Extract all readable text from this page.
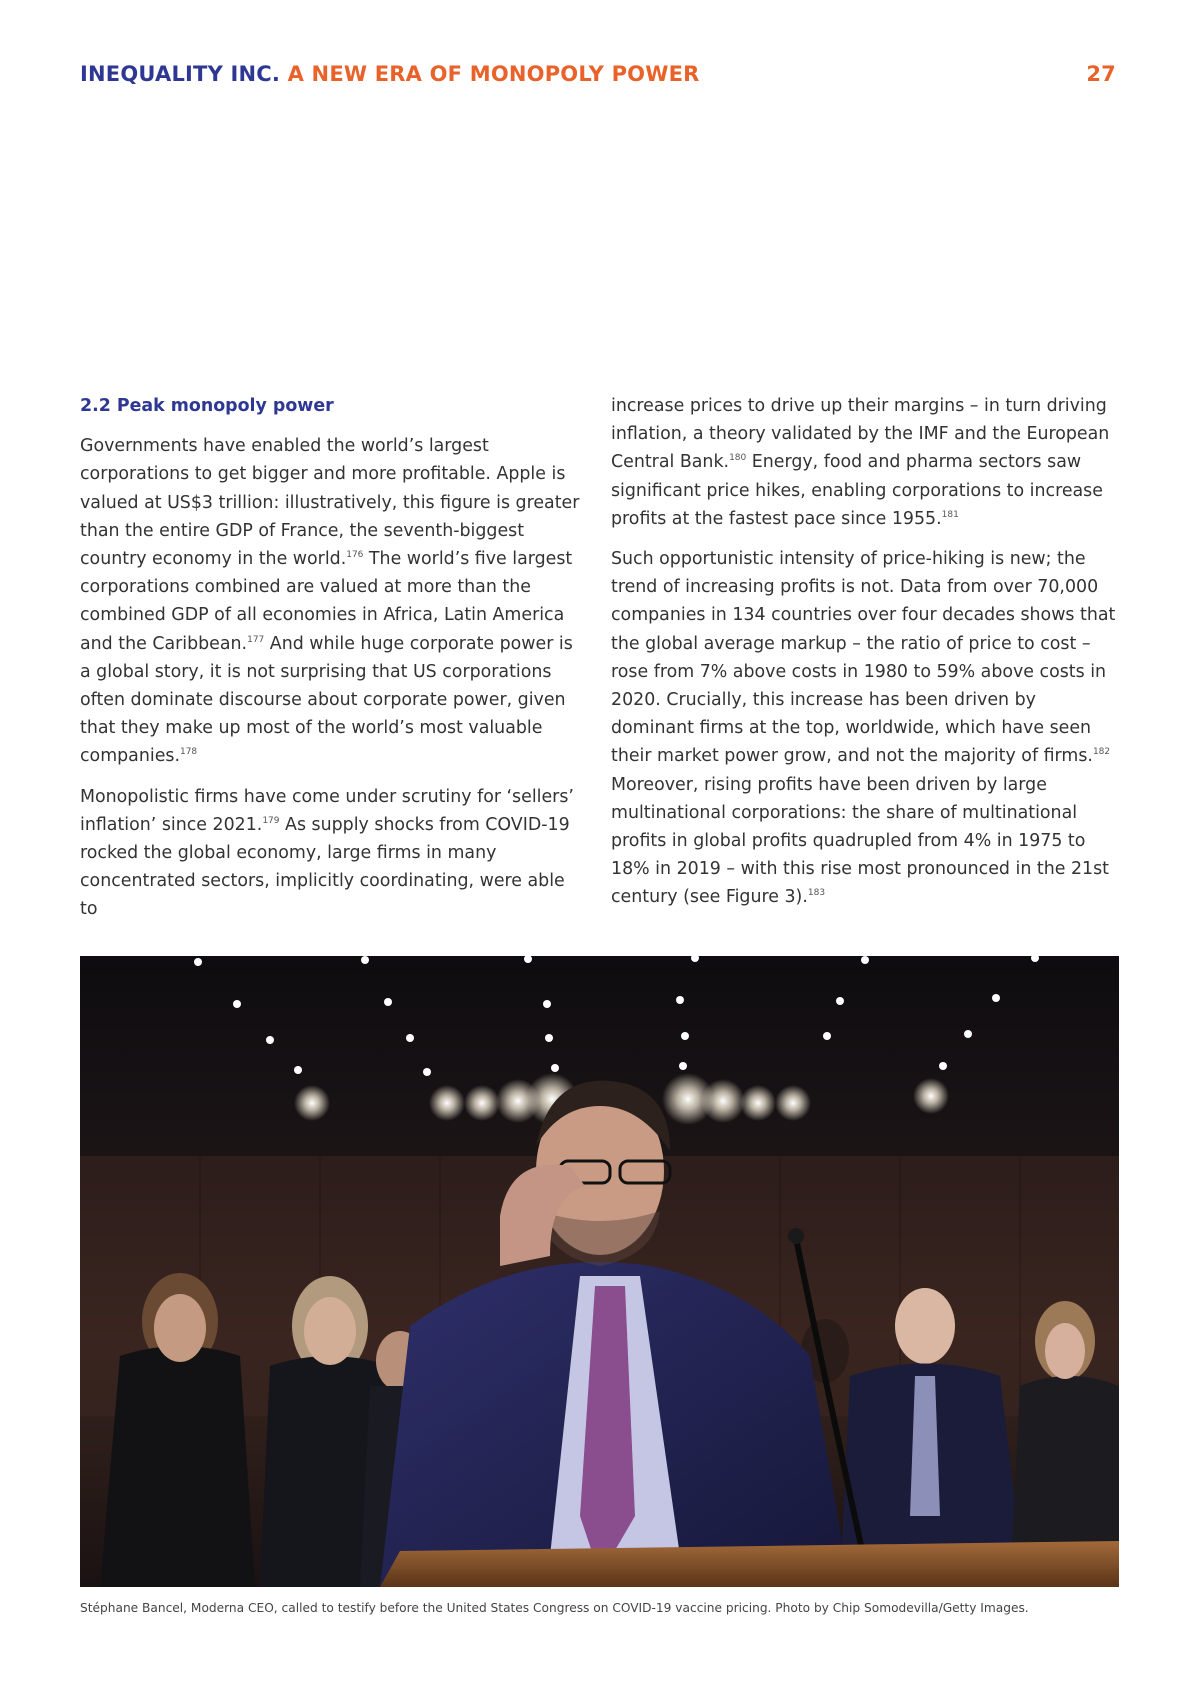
INEQUALITY INC. A NEW ERA OF MONOPOLY POWER	27

2.2 Peak monopoly power

Governments have enabled the world’s largest corporations to get bigger and more profitable. Apple is valued at US$3 trillion: illustratively, this figure is greater than the entire GDP of France, the seventh-biggest country economy in the world.$^{176}$ The world’s five largest corporations combined are valued at more than the combined GDP of all economies in Africa, Latin America and the Caribbean.$^{177}$ And while huge corporate power is a global story, it is not surprising that US corporations often dominate discourse about corporate power, given that they make up most of the world’s most valuable companies.$^{178}$

Monopolistic firms have come under scrutiny for ‘sellers’ inflation’ since 2021.$^{179}$ As supply shocks from COVID-19 rocked the global economy, large firms in many concentrated sectors, implicitly coordinating, were able to

increase prices to drive up their margins – in turn driving inflation, a theory validated by the IMF and the European Central Bank.$^{180}$ Energy, food and pharma sectors saw significant price hikes, enabling corporations to increase profits at the fastest pace since 1955.$^{181}$

Such opportunistic intensity of price-hiking is new; the trend of increasing profits is not. Data from over 70,000 companies in 134 countries over four decades shows that the global average markup – the ratio of price to cost – rose from 7% above costs in 1980 to 59% above costs in 2020. Crucially, this increase has been driven by dominant firms at the top, worldwide, which have seen their market power grow, and not the majority of firms.$^{182}$ Moreover, rising profits have been driven by large multinational corporations: the share of multinational profits in global profits quadrupled from 4% in 1975 to 18% in 2019 – with this rise most pronounced in the 21st century (see Figure 3).$^{183}$

Stéphane Bancel, Moderna CEO, called to testify before the United States Congress on COVID-19 vaccine pricing. Photo by Chip Somodevilla/Getty Images.
